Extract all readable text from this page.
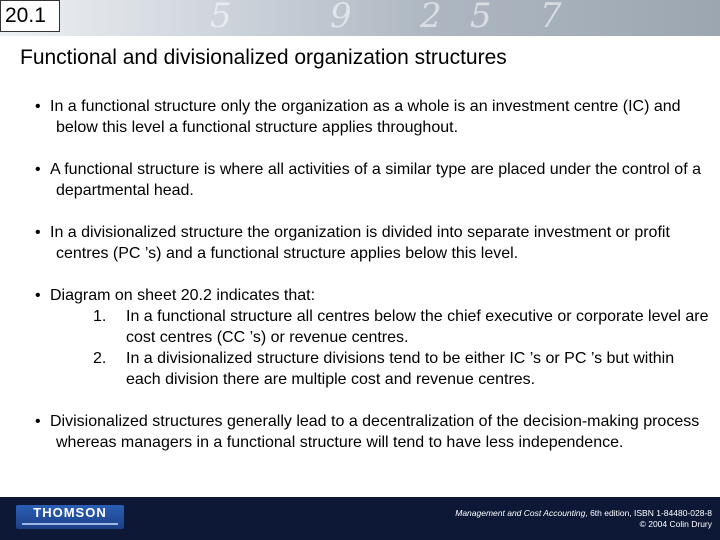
5	9 2 5 7
20.1
Functional and divisionalized organization structures

• In a functional structure only the organization as a whole is an investment centre (IC) and below this level a functional structure applies throughout.

• A functional structure is where all activities of a similar type are placed under the control of a departmental head.

• In a divisionalized structure the organization is divided into separate investment or profit centres (PC ’s) and a functional structure applies below this level.

• Diagram on sheet 20.2 indicates that:
1. In a functional structure all centres below the chief executive or corporate level are cost centres (CC ’s) or revenue centres.
2. In a divisionalized structure divisions tend to be either IC ’s or PC ’s but within each division there are multiple cost and revenue centres.

• Divisionalized structures generally lead to a decentralization of the decision-making process whereas managers in a functional structure will tend to have less independence.

THOMSON	Management and Cost Accounting, 6th edition, ISBN 1-84480-028-8
© 2004 Colin Drury
